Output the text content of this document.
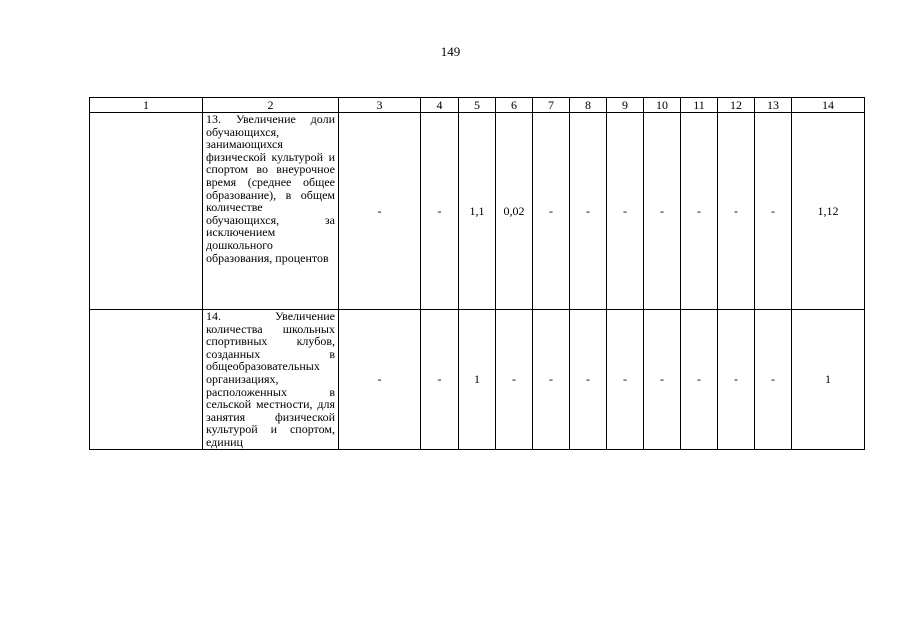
149
1	2	3	4	5	6	7	8	9	10	11	12	13	14
	13. Увеличение доли обучающихся, занимающихся физической культурой и спортом во внеурочное время (среднее общее образование), в общем количестве обучающихся, за исключением дошкольного образования, процентов	-	-	1,1	0,02	-	-	-	-	-	-	-	1,12
	14. Увеличение количества школьных спортивных клубов, созданных в общеобразовательных организациях, расположенных в сельской местности, для занятия физической культурой и спортом, единиц	-	-	1	-	-	-	-	-	-	-	-	1
